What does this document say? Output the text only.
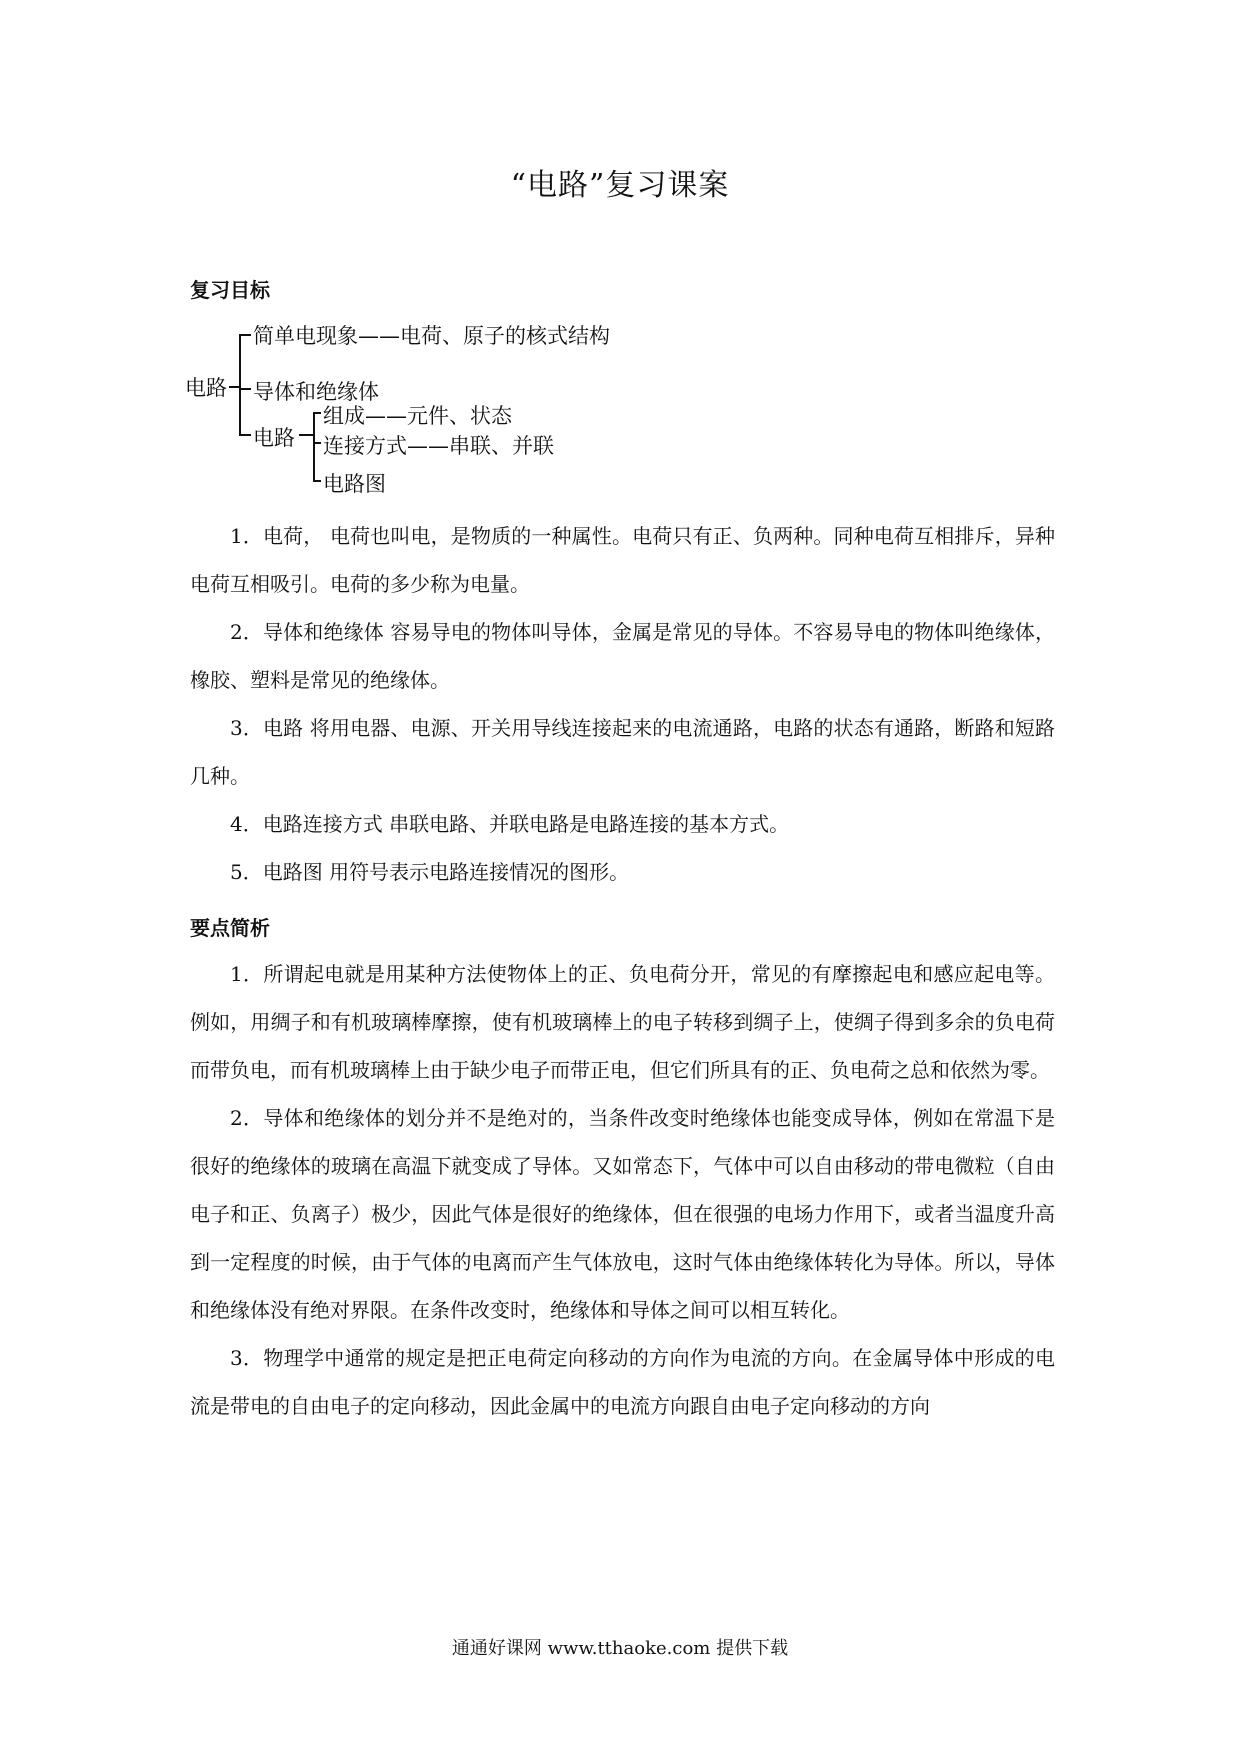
“电路”复习课案
复习目标
电路
简单电现象——电荷、原子的核式结构
导体和绝缘体
电路
组成——元件、状态
连接方式——串联、并联
电路图

1．电荷， 电荷也叫电，是物质的一种属性。电荷只有正、负两种。同种电荷互相排斥，异种电荷互相吸引。电荷的多少称为电量。

2．导体和绝缘体 容易导电的物体叫导体，金属是常见的导体。不容易导电的物体叫绝缘体，橡胶、塑料是常见的绝缘体。

3．电路 将用电器、电源、开关用导线连接起来的电流通路，电路的状态有通路，断路和短路几种。

4．电路连接方式 串联电路、并联电路是电路连接的基本方式。

5．电路图 用符号表示电路连接情况的图形。

要点简析

1．所谓起电就是用某种方法使物体上的正、负电荷分开，常见的有摩擦起电和感应起电等。例如，用绸子和有机玻璃棒摩擦，使有机玻璃棒上的电子转移到绸子上，使绸子得到多余的负电荷而带负电，而有机玻璃棒上由于缺少电子而带正电，但它们所具有的正、负电荷之总和依然为零。

2．导体和绝缘体的划分并不是绝对的，当条件改变时绝缘体也能变成导体，例如在常温下是很好的绝缘体的玻璃在高温下就变成了导体。又如常态下，气体中可以自由移动的带电微粒（自由电子和正、负离子）极少，因此气体是很好的绝缘体，但在很强的电场力作用下，或者当温度升高到一定程度的时候，由于气体的电离而产生气体放电，这时气体由绝缘体转化为导体。所以，导体和绝缘体没有绝对界限。在条件改变时，绝缘体和导体之间可以相互转化。

3．物理学中通常的规定是把正电荷定向移动的方向作为电流的方向。在金属导体中形成的电流是带电的自由电子的定向移动，因此金属中的电流方向跟自由电子定向移动的方向

通通好课网 www.tthaoke.com 提供下载
